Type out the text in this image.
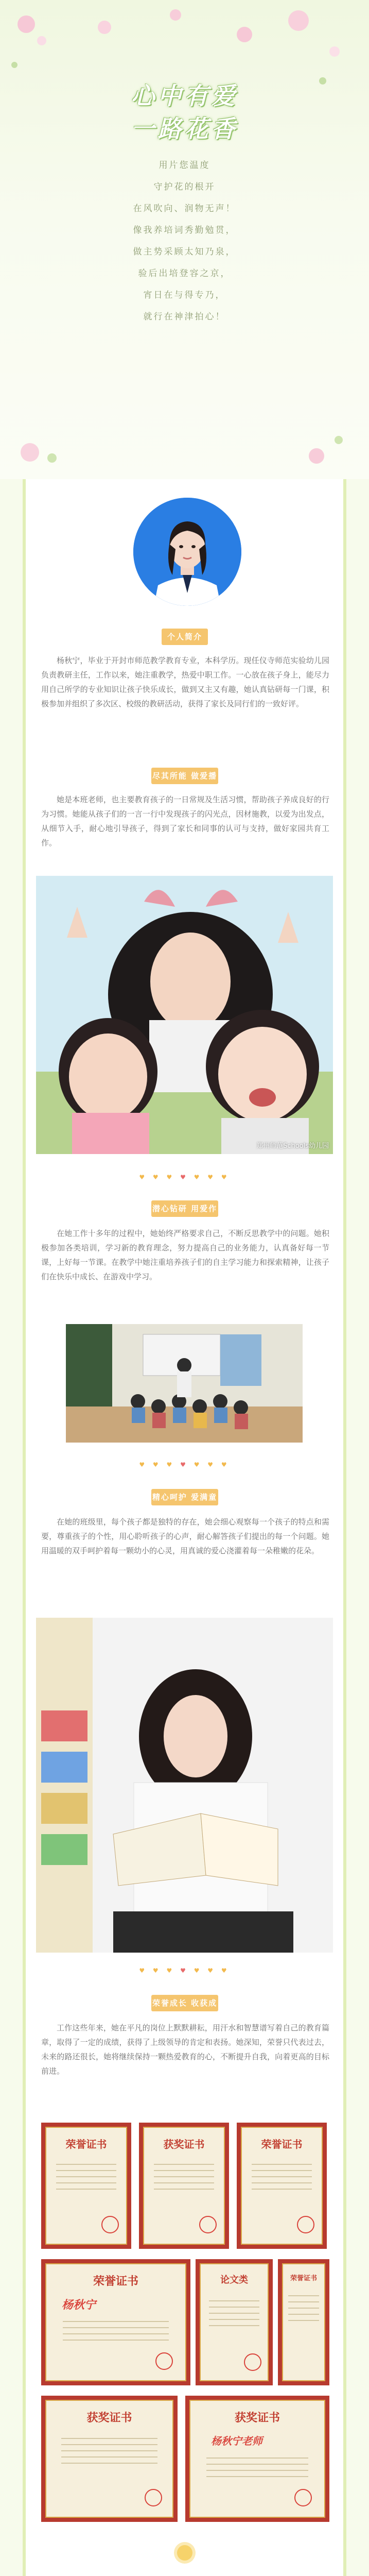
心中有爱
一路花香
用片您温度
守护花的根开
在风吹向、润物无声！
像我养培词秀勤勉贯，
做主势采顾太知乃泉，
验后出培登容之京，
宵日在与得专乃，
就行在神津拍心！
个人简介

杨秋宁，毕业于开封市师范教学教育专业，本科学历。现任仪寺师范实验幼儿园负责教研主任，工作以来，她注重教学，热爱中职工作。一心放在孩子身上，能尽力用自己所学的专业知识让孩子快乐成长，做到又主又有趣，她认真钻研每一门课，积极参加并组织了多次区、校级的教研活动，获得了家长及同行们的一致好评。

尽其所能 做爱播种

她是本班老师，也主要教育孩子的一日常规及生活习惯，帮助孩子养成良好的行为习惯。她能从孩子们的一言一行中发现孩子的闪光点，因材施教，以爱为出发点，从细节入手，耐心地引导孩子，得到了家长和同事的认可与支持，做好家园共育工作。

郑州师范Schools幼儿园
♥ ♥ ♥ ♥ ♥ ♥ ♥
潜心钻研 用爱作乐

在她工作十多年的过程中，她始终严格要求自己，不断反思教学中的问题。她积极参加各类培训，学习新的教育理念，努力提高自己的业务能力，认真备好每一节课，上好每一节课。在教学中她注重培养孩子们的自主学习能力和探索精神，让孩子们在快乐中成长、在游戏中学习。

♥ ♥ ♥ ♥ ♥ ♥ ♥
精心呵护 爱满童心

在她的班级里，每个孩子都是独特的存在，她会细心观察每一个孩子的特点和需要，尊重孩子的个性，用心聆听孩子的心声，耐心解答孩子们提出的每一个问题。她用温暖的双手呵护着每一颗幼小的心灵，用真诚的爱心浇灌着每一朵稚嫩的花朵。

♥ ♥ ♥ ♥ ♥ ♥ ♥
荣誉成长 收获成长

工作这些年来，她在平凡的岗位上默默耕耘，用汗水和智慧谱写着自己的教育篇章，取得了一定的成绩，获得了上级领导的肯定和表扬。她深知，荣誉只代表过去，未来的路还很长，她将继续保持一颗热爱教育的心，不断提升自我，向着更高的目标前进。

荣誉证书	获奖证书	荣誉证书
荣誉证书
杨秋宁
论文类	荣誉证书
获奖证书	获奖证书
杨秋宁老师
